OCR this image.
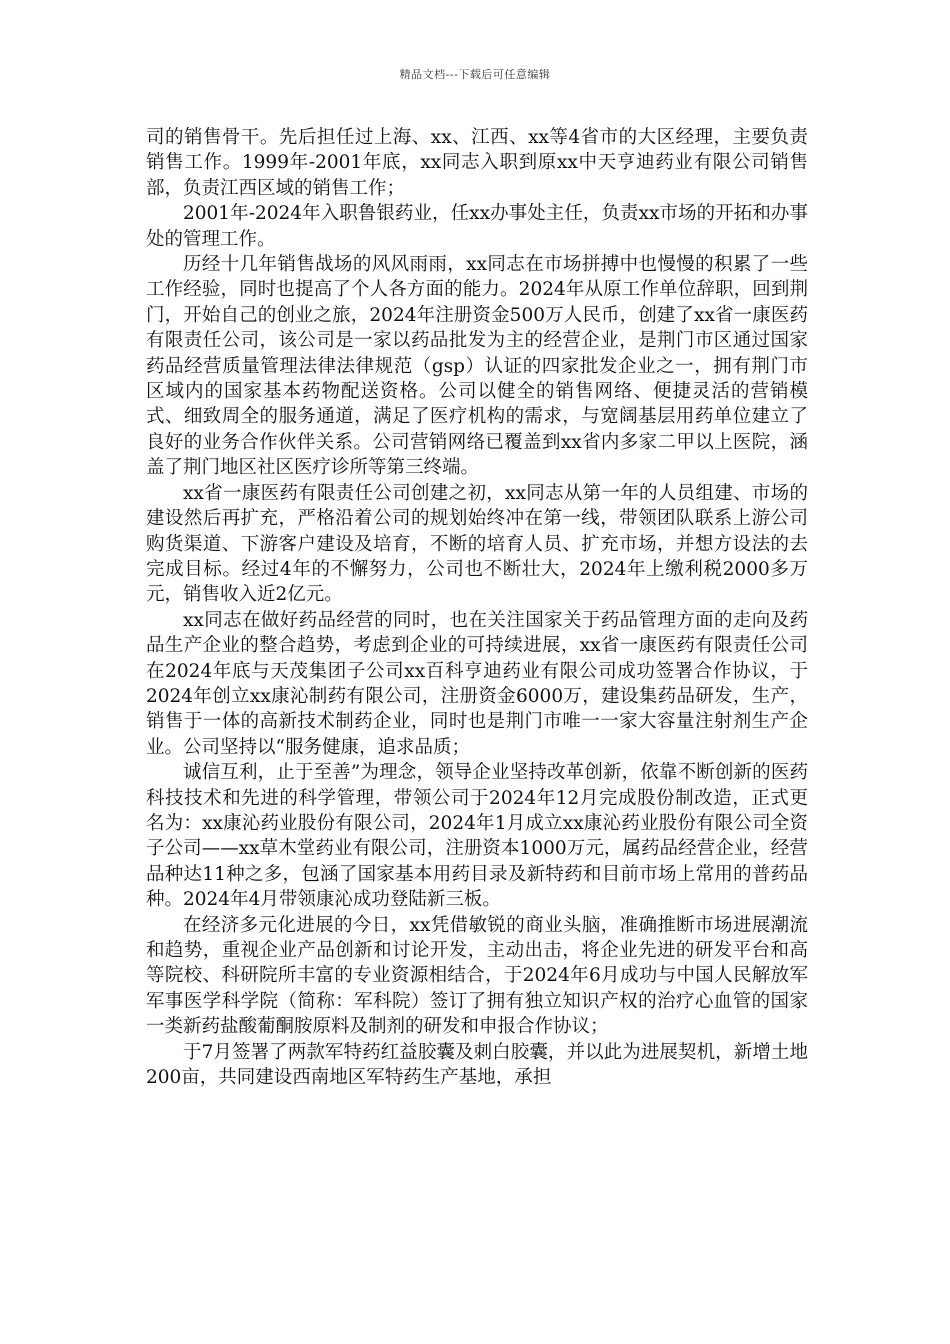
精品文档---下载后可任意编辑

司的销售骨干。先后担任过上海、xx、江西、xx等4省市的大区经理，主要负责销售工作。1999年-2001年底，xx同志入职到原xx中天亨迪药业有限公司销售部，负责江西区域的销售工作；

2001年-2024年入职鲁银药业，任xx办事处主任，负责xx市场的开拓和办事处的管理工作。

历经十几年销售战场的风风雨雨，xx同志在市场拼搏中也慢慢的积累了一些工作经验，同时也提高了个人各方面的能力。2024年从原工作单位辞职，回到荆门，开始自己的创业之旅，2024年注册资金500万人民币，创建了xx省一康医药有限责任公司，该公司是一家以药品批发为主的经营企业，是荆门市区通过国家药品经营质量管理法律法律规范（gsp）认证的四家批发企业之一，拥有荆门市区域内的国家基本药物配送资格。公司以健全的销售网络、便捷灵活的营销模式、细致周全的服务通道，满足了医疗机构的需求，与宽阔基层用药单位建立了良好的业务合作伙伴关系。公司营销网络已覆盖到xx省内多家二甲以上医院，涵盖了荆门地区社区医疗诊所等第三终端。

xx省一康医药有限责任公司创建之初，xx同志从第一年的人员组建、市场的建设然后再扩充，严格沿着公司的规划始终冲在第一线，带领团队联系上游公司购货渠道、下游客户建设及培育，不断的培育人员、扩充市场，并想方设法的去完成目标。经过4年的不懈努力，公司也不断壮大，2024年上缴利税2000多万元，销售收入近2亿元。

xx同志在做好药品经营的同时，也在关注国家关于药品管理方面的走向及药品生产企业的整合趋势，考虑到企业的可持续进展，xx省一康医药有限责任公司在2024年底与天茂集团子公司xx百科亨迪药业有限公司成功签署合作协议，于2024年创立xx康沁制药有限公司，注册资金6000万，建设集药品研发，生产，销售于一体的高新技术制药企业，同时也是荆门市唯一一家大容量注射剂生产企业。公司坚持以“服务健康，追求品质；

诚信互利，止于至善”为理念，领导企业坚持改革创新，依靠不断创新的医药科技技术和先进的科学管理，带领公司于2024年12月完成股份制改造，正式更名为：xx康沁药业股份有限公司，2024年1月成立xx康沁药业股份有限公司全资子公司——xx草木堂药业有限公司，注册资本1000万元，属药品经营企业，经营品种达11种之多，包涵了国家基本用药目录及新特药和目前市场上常用的普药品种。2024年4月带领康沁成功登陆新三板。

在经济多元化进展的今日，xx凭借敏锐的商业头脑，准确推断市场进展潮流和趋势，重视企业产品创新和讨论开发，主动出击，将企业先进的研发平台和高等院校、科研院所丰富的专业资源相结合，于2024年6月成功与中国人民解放军军事医学科学院（简称：军科院）签订了拥有独立知识产权的治疗心血管的国家一类新药盐酸葡酮胺原料及制剂的研发和申报合作协议；

于7月签署了两款军特药红益胶囊及刺白胶囊，并以此为进展契机，新增土地200亩，共同建设西南地区军特药生产基地，承担
